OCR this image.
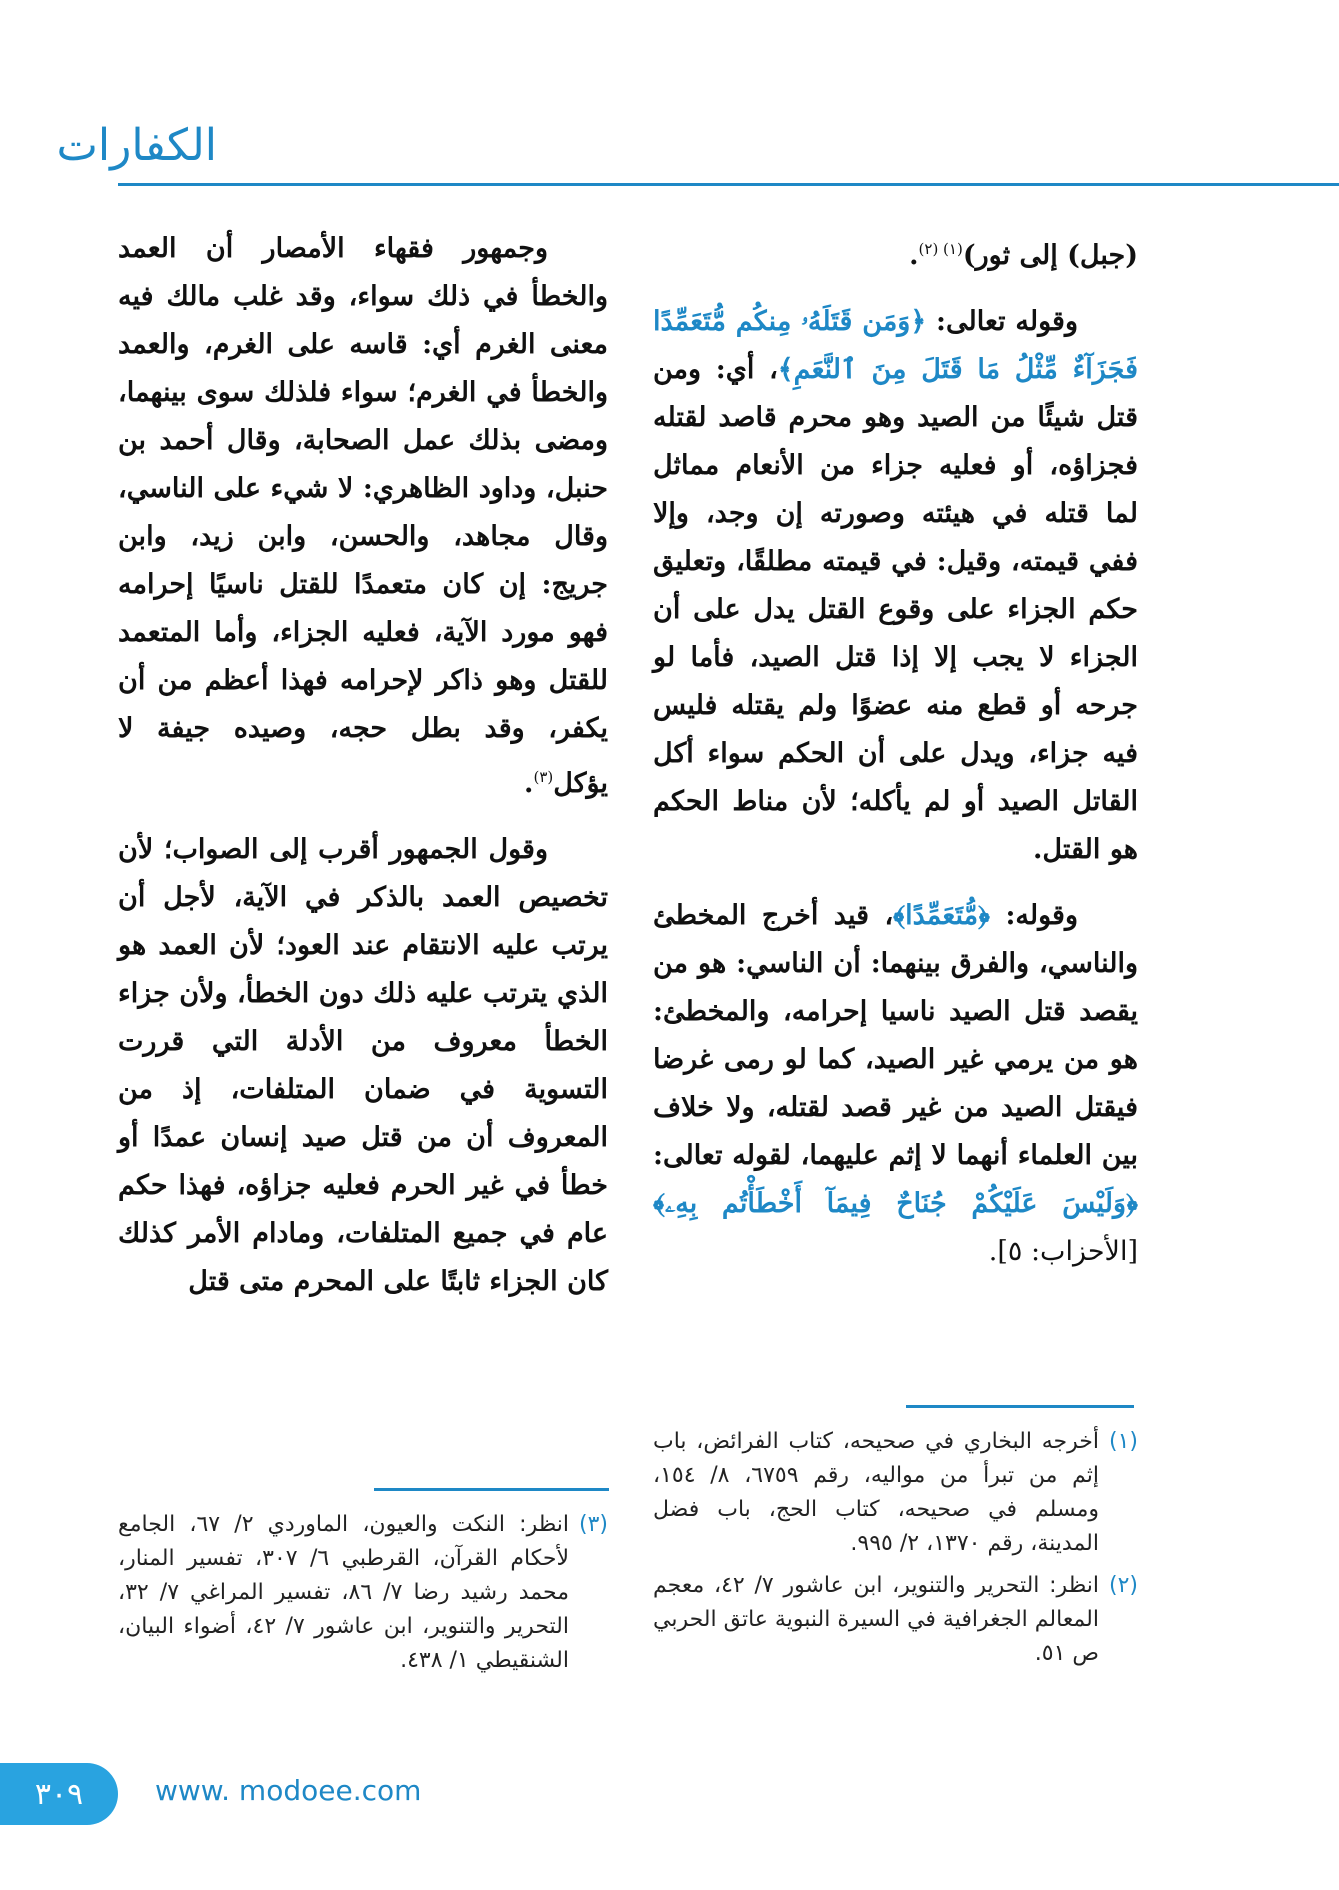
الكفارات

(جبل) إلى ثور)$^{(١) (٢)}$.

وقوله تعالى: ﴿وَمَن قَتَلَهُۥ مِنكُم مُّتَعَمِّدًا فَجَزَآءٌ مِّثْلُ مَا قَتَلَ مِنَ ٱلنَّعَمِ﴾، أي: ومن قتل شيئًا من الصيد وهو محرم قاصد لقتله فجزاؤه، أو فعليه جزاء من الأنعام مماثل لما قتله في هيئته وصورته إن وجد، وإلا ففي قيمته، وقيل: في قيمته مطلقًا، وتعليق حكم الجزاء على وقوع القتل يدل على أن الجزاء لا يجب إلا إذا قتل الصيد، فأما لو جرحه أو قطع منه عضوًا ولم يقتله فليس فيه جزاء، ويدل على أن الحكم سواء أكل القاتل الصيد أو لم يأكله؛ لأن مناط الحكم هو القتل.

وقوله: ﴿مُّتَعَمِّدًا﴾، قيد أخرج المخطئ والناسي، والفرق بينهما: أن الناسي: هو من يقصد قتل الصيد ناسيا إحرامه، والمخطئ: هو من يرمي غير الصيد، كما لو رمى غرضا فيقتل الصيد من غير قصد لقتله، ولا خلاف بين العلماء أنهما لا إثم عليهما، لقوله تعالى: ﴿وَلَيْسَ عَلَيْكُمْ جُنَاحٌ فِيمَآ أَخْطَأْتُم بِهِۦ﴾ [الأحزاب: ٥].

وجمهور فقهاء الأمصار أن العمد والخطأ في ذلك سواء، وقد غلب مالك فيه معنى الغرم أي: قاسه على الغرم، والعمد والخطأ في الغرم؛ سواء فلذلك سوى بينهما، ومضى بذلك عمل الصحابة، وقال أحمد بن حنبل، وداود الظاهري: لا شيء على الناسي، وقال مجاهد، والحسن، وابن زيد، وابن جريج: إن كان متعمدًا للقتل ناسيًا إحرامه فهو مورد الآية، فعليه الجزاء، وأما المتعمد للقتل وهو ذاكر لإحرامه فهذا أعظم من أن يكفر، وقد بطل حجه، وصيده جيفة لا يؤكل$^{(٣)}$.

وقول الجمهور أقرب إلى الصواب؛ لأن تخصيص العمد بالذكر في الآية، لأجل أن يرتب عليه الانتقام عند العود؛ لأن العمد هو الذي يترتب عليه ذلك دون الخطأ، ولأن جزاء الخطأ معروف من الأدلة التي قررت التسوية في ضمان المتلفات، إذ من المعروف أن من قتل صيد إنسان عمدًا أو خطأ في غير الحرم فعليه جزاؤه، فهذا حكم عام في جميع المتلفات، ومادام الأمر كذلك كان الجزاء ثابتًا على المحرم متى قتل

(١)
أخرجه البخاري في صحيحه، كتاب الفرائض، باب إثم من تبرأ من مواليه، رقم ٦٧٥٩، ٨/ ١٥٤، ومسلم في صحيحه، كتاب الحج، باب فضل المدينة، رقم ١٣٧٠، ٢/ ٩٩٥.
(٢)
انظر: التحرير والتنوير، ابن عاشور ٧/ ٤٢، معجم المعالم الجغرافية في السيرة النبوية عاتق الحربي ص ٥١.
(٣)
انظر: النكت والعيون، الماوردي ٢/ ٦٧، الجامع لأحكام القرآن، القرطبي ٦/ ٣٠٧، تفسير المنار، محمد رشيد رضا ٧/ ٨٦، تفسير المراغي ٧/ ٣٢، التحرير والتنوير، ابن عاشور ٧/ ٤٢، أضواء البيان، الشنقيطي ١/ ٤٣٨.
٣٠٩	www. modoee.com
